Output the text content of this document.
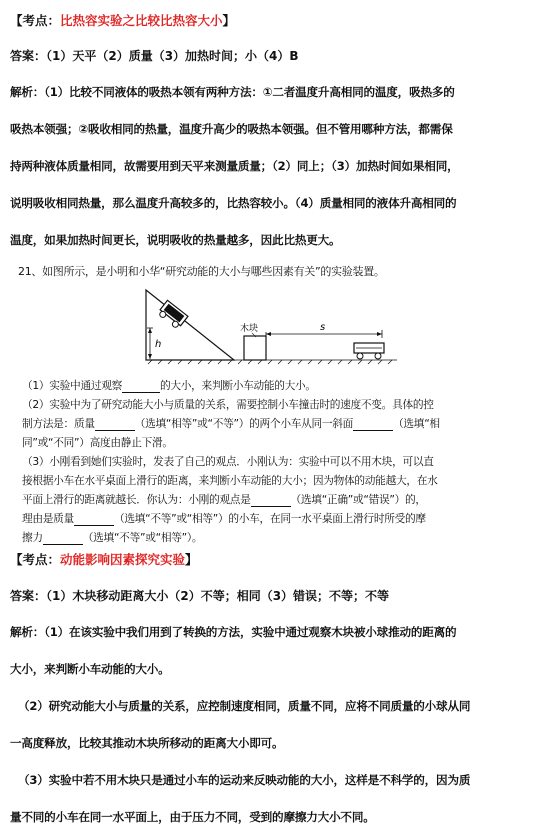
【考点：比热容实验之比较比热容大小】
答案：（1）天平（2）质量（3）加热时间；小（4）B
解析：（1）比较不同液体的吸热本领有两种方法：①二者温度升高相同的温度，吸热多的
吸热本领强；②吸收相同的热量，温度升高少的吸热本领强。但不管用哪种方法，都需保
持两种液体质量相同，故需要用到天平来测量质量；（2）同上；（3）加热时间如果相同，
说明吸收相同热量，那么温度升高较多的，比热容较小。（4）质量相同的液体升高相同的
温度，如果加热时间更长，说明吸收的热量越多，因此比热更大。
21、如图所示，是小明和小华“研究动能的大小与哪些因素有关”的实验装置。
h
木块	s
（1）实验中通过观察	的大小，来判断小车动能的大小。
（2）实验中为了研究动能大小与质量的关系，需要控制小车撞击时的速度不变。具体的控
制方法是：质量	（选填“相等”或“不等”）的两个小车从同一斜面	（选填“相
同”或“不同”）高度由静止下滑。
（3）小刚看到她们实验时，发表了自己的观点．小刚认为：实验中可以不用木块，可以直
接根据小车在水平桌面上滑行的距离，来判断小车动能的大小；因为物体的动能越大，在水
平面上滑行的距离就越长．你认为：小刚的观点是	（选填“正确”或“错误”）的，
理由是质量	（选填“不等”或“相等”）的小车，在同一水平桌面上滑行时所受的摩
擦力	（选填“不等”或“相等”）。
【考点：动能影响因素探究实验】
答案：（1）木块移动距离大小（2）不等；相同（3）错误；不等；不等
解析：（1）在该实验中我们用到了转换的方法，实验中通过观察木块被小球推动的距离的
大小，来判断小车动能的大小。
（2）研究动能大小与质量的关系，应控制速度相同，质量不同，应将不同质量的小球从同
一高度释放，比较其推动木块所移动的距离大小即可。
（3）实验中若不用木块只是通过小车的运动来反映动能的大小，这样是不科学的，因为质
量不同的小车在同一水平面上，由于压力不同，受到的摩擦力大小不同。
